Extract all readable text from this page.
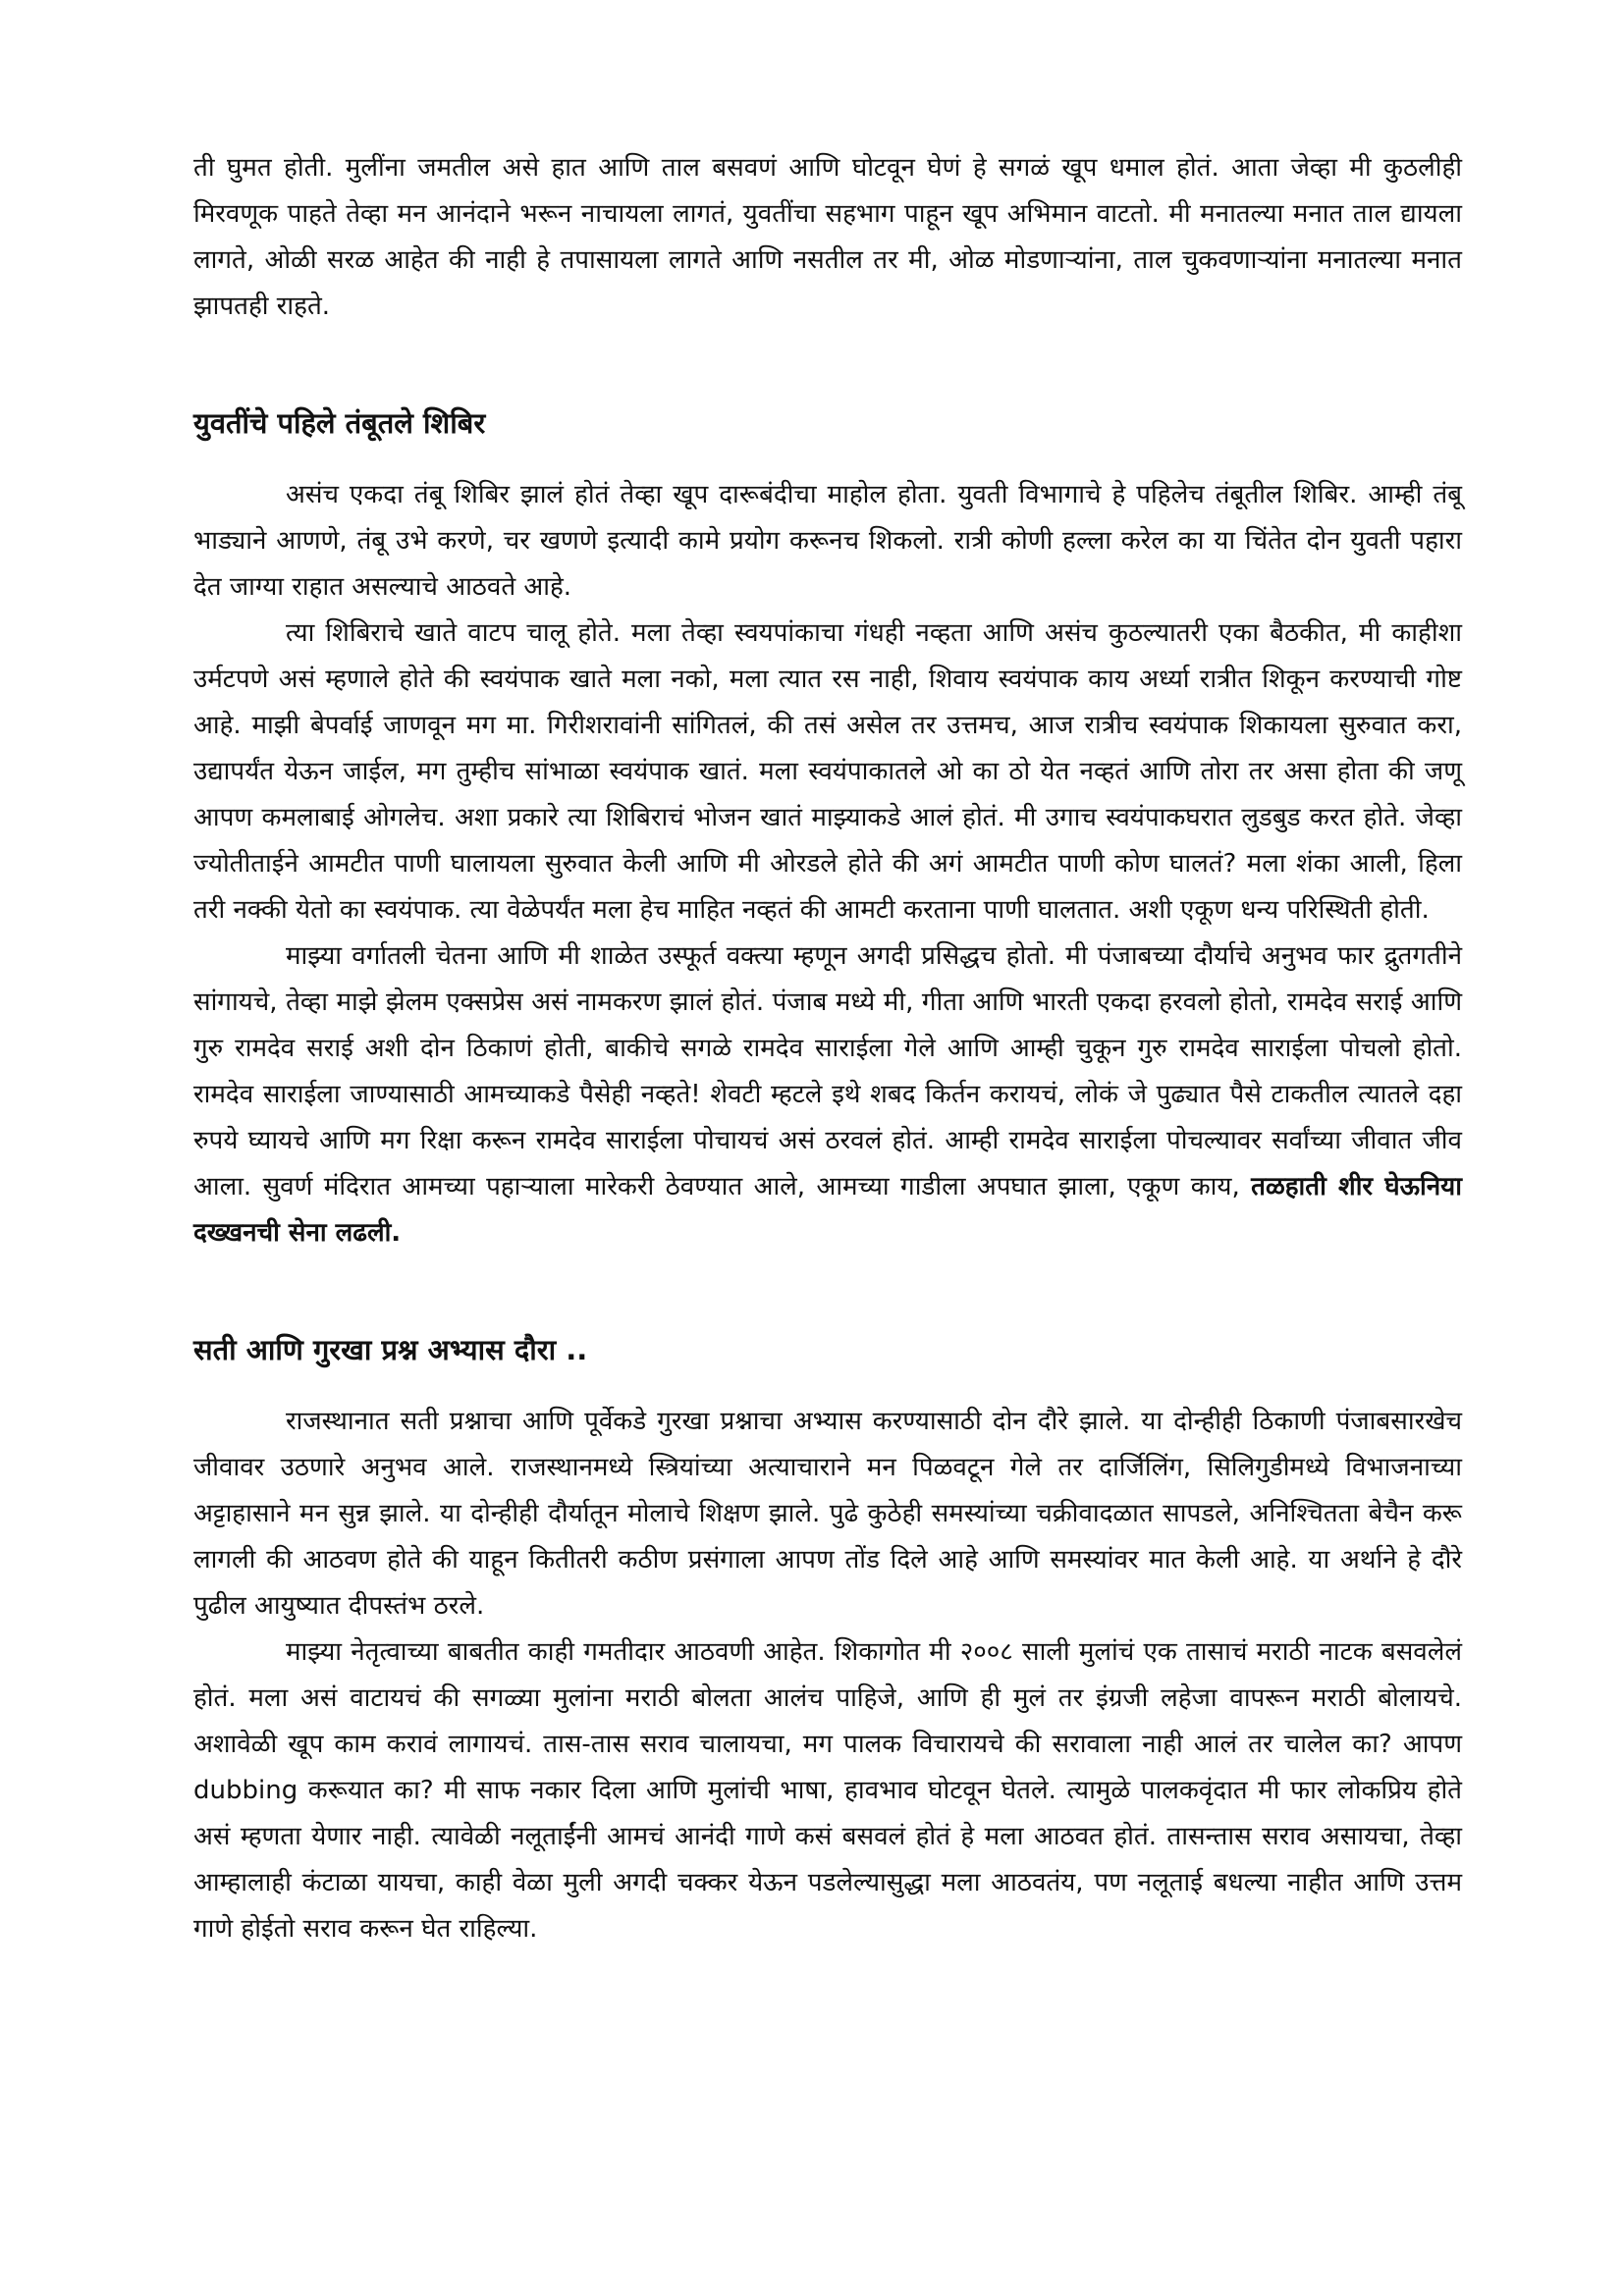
ती घुमत होती. मुलींना जमतील असे हात आणि ताल बसवणं आणि घोटवून घेणं हे सगळं खूप धमाल होतं. आता जेव्हा मी कुठलीही मिरवणूक पाहते तेव्हा मन आनंदाने भरून नाचायला लागतं, युवतींचा सहभाग पाहून खूप अभिमान वाटतो. मी मनातल्या मनात ताल द्यायला लागते, ओळी सरळ आहेत की नाही हे तपासायला लागते आणि नसतील तर मी, ओळ मोडणाऱ्यांना, ताल चुकवणाऱ्यांना मनातल्या मनात झापतही राहते.

युवतींचे पहिले तंबूतले शिबिर

असंच एकदा तंबू शिबिर झालं होतं तेव्हा खूप दारूबंदीचा माहोल होता. युवती विभागाचे हे पहिलेच तंबूतील शिबिर. आम्ही तंबू भाड्याने आणणे, तंबू उभे करणे, चर खणणे इत्यादी कामे प्रयोग करूनच शिकलो. रात्री कोणी हल्ला करेल का या चिंतेत दोन युवती पहारा देत जाग्या राहात असल्याचे आठवते आहे.

त्या शिबिराचे खाते वाटप चालू होते. मला तेव्हा स्वयपांकाचा गंधही नव्हता आणि असंच कुठल्यातरी एका बैठकीत, मी काहीशा उर्मटपणे असं म्हणाले होते की स्वयंपाक खाते मला नको, मला त्यात रस नाही, शिवाय स्वयंपाक काय अर्ध्या रात्रीत शिकून करण्याची गोष्ट आहे. माझी बेपर्वाई जाणवून मग मा. गिरीशरावांनी सांगितलं, की तसं असेल तर उत्तमच, आज रात्रीच स्वयंपाक शिकायला सुरुवात करा, उद्यापर्यंत येऊन जाईल, मग तुम्हीच सांभाळा स्वयंपाक खातं. मला स्वयंपाकातले ओ का ठो येत नव्हतं आणि तोरा तर असा होता की जणू आपण कमलाबाई ओगलेच. अशा प्रकारे त्या शिबिराचं भोजन खातं माझ्याकडे आलं होतं. मी उगाच स्वयंपाकघरात लुडबुड करत होते. जेव्हा ज्योतीताईने आमटीत पाणी घालायला सुरुवात केली आणि मी ओरडले होते की अगं आमटीत पाणी कोण घालतं? मला शंका आली, हिला तरी नक्की येतो का स्वयंपाक. त्या वेळेपर्यंत मला हेच माहित नव्हतं की आमटी करताना पाणी घालतात. अशी एकूण धन्य परिस्थिती होती.

माझ्या वर्गातली चेतना आणि मी शाळेत उस्फूर्त वक्त्या म्हणून अगदी प्रसिद्धच होतो. मी पंजाबच्या दौर्याचे अनुभव फार द्रुतगतीने सांगायचे, तेव्हा माझे झेलम एक्सप्रेस असं नामकरण झालं होतं. पंजाब मध्ये मी, गीता आणि भारती एकदा हरवलो होतो, रामदेव सराई आणि गुरु रामदेव सराई अशी दोन ठिकाणं होती, बाकीचे सगळे रामदेव साराईला गेले आणि आम्ही चुकून गुरु रामदेव साराईला पोचलो होतो. रामदेव साराईला जाण्यासाठी आमच्याकडे पैसेही नव्हते! शेवटी म्हटले इथे शबद किर्तन करायचं, लोकं जे पुढ्यात पैसे टाकतील त्यातले दहा रुपये घ्यायचे आणि मग रिक्षा करून रामदेव साराईला पोचायचं असं ठरवलं होतं. आम्ही रामदेव साराईला पोचल्यावर सर्वांच्या जीवात जीव आला. सुवर्ण मंदिरात आमच्या पहाऱ्याला मारेकरी ठेवण्यात आले, आमच्या गाडीला अपघात झाला, एकूण काय, तळहाती शीर घेऊनिया दख्खनची सेना लढली.

सती आणि गुरखा प्रश्न अभ्यास दौरा ..

राजस्थानात सती प्रश्नाचा आणि पूर्वेकडे गुरखा प्रश्नाचा अभ्यास करण्यासाठी दोन दौरे झाले. या दोन्हीही ठिकाणी पंजाबसारखेच जीवावर उठणारे अनुभव आले. राजस्थानमध्ये स्त्रियांच्या अत्याचाराने मन पिळवटून गेले तर दार्जिलिंग, सिलिगुडीमध्ये विभाजनाच्या अट्टाहासाने मन सुन्न झाले. या दोन्हीही दौर्यातून मोलाचे शिक्षण झाले. पुढे कुठेही समस्यांच्या चक्रीवादळात सापडले, अनिश्चितता बेचैन करू लागली की आठवण होते की याहून कितीतरी कठीण प्रसंगाला आपण तोंड दिले आहे आणि समस्यांवर मात केली आहे. या अर्थाने हे दौरे पुढील आयुष्यात दीपस्तंभ ठरले.

माझ्या नेतृत्वाच्या बाबतीत काही गमतीदार आठवणी आहेत. शिकागोत मी २००८ साली मुलांचं एक तासाचं मराठी नाटक बसवलेलं होतं. मला असं वाटायचं की सगळ्या मुलांना मराठी बोलता आलंच पाहिजे, आणि ही मुलं तर इंग्रजी लहेजा वापरून मराठी बोलायचे. अशावेळी खूप काम करावं लागायचं. तास-तास सराव चालायचा, मग पालक विचारायचे की सरावाला नाही आलं तर चालेल का? आपण dubbing करूयात का? मी साफ नकार दिला आणि मुलांची भाषा, हावभाव घोटवून घेतले. त्यामुळे पालकवृंदात मी फार लोकप्रिय होते असं म्हणता येणार नाही. त्यावेळी नलूताईंनी आमचं आनंदी गाणे कसं बसवलं होतं हे मला आठवत होतं. तासन्तास सराव असायचा, तेव्हा आम्हालाही कंटाळा यायचा, काही वेळा मुली अगदी चक्कर येऊन पडलेल्यासुद्धा मला आठवतंय, पण नलूताई बधल्या नाहीत आणि उत्तम गाणे होईतो सराव करून घेत राहिल्या.
